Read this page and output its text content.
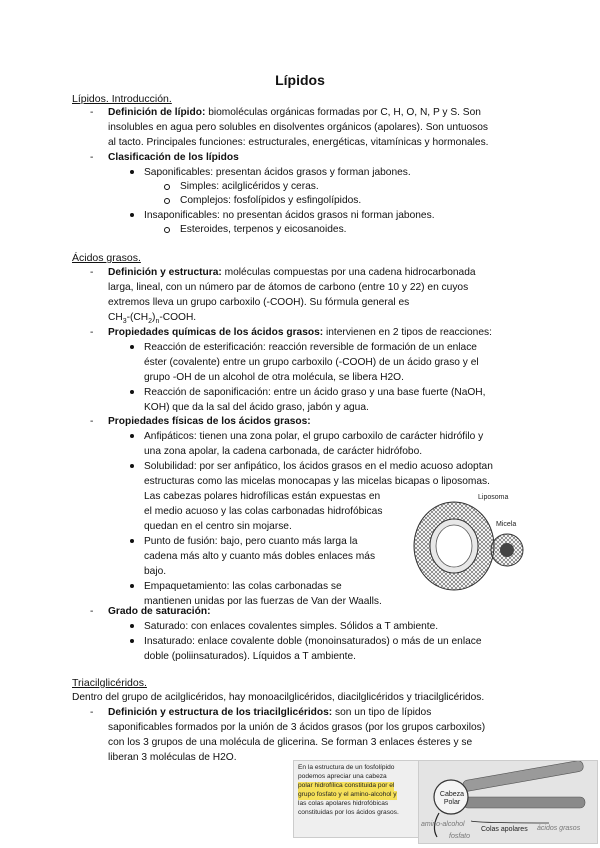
Lípidos
Lípidos. Introducción.
- Definición de lípido: biomoléculas orgánicas formadas por C, H, O, N, P y S. Son
insolubles en agua pero solubles en disolventes orgánicos (apolares). Son untuosos
al tacto. Principales funciones: estructurales, energéticas, vitamínicas y hormonales.
- Clasificación de los lípidos
Saponificables: presentan ácidos grasos y forman jabones.
Simples: acilglicéridos y ceras.
Complejos: fosfolípidos y esfingolípidos.
Insaponificables: no presentan ácidos grasos ni forman jabones.
Esteroides, terpenos y eicosanoides.
Ácidos grasos.
- Definición y estructura: moléculas compuestas por una cadena hidrocarbonada
larga, lineal, con un número par de átomos de carbono (entre 10 y 22) en cuyos
extremos lleva un grupo carboxilo (-COOH). Su fórmula general es
$CH_3-(CH_2)_n$-COOH.
- Propiedades químicas de los ácidos grasos: intervienen en 2 tipos de reacciones:
Reacción de esterificación: reacción reversible de formación de un enlace
éster (covalente) entre un grupo carboxilo (-COOH) de un ácido graso y el
grupo -OH de un alcohol de otra molécula, se libera H2O.
Reacción de saponificación: entre un ácido graso y una base fuerte (NaOH,
KOH) que da la sal del ácido graso, jabón y agua.
- Propiedades físicas de los ácidos grasos:
Anfipáticos: tienen una zona polar, el grupo carboxilo de carácter hidrófilo y
una zona apolar, la cadena carbonada, de carácter hidrófobo.
Solubilidad: por ser anfipático, los ácidos grasos en el medio acuoso adoptan
estructuras como las micelas monocapas y las micelas bicapas o liposomas.
Las cabezas polares hidrofílicas están expuestas en
el medio acuoso y las colas carbonadas hidrofóbicas
quedan en el centro sin mojarse.
Punto de fusión: bajo, pero cuanto más larga la
cadena más alto y cuanto más dobles enlaces más
bajo.
Empaquetamiento: las colas carbonadas se
mantienen unidas por las fuerzas de Van der Waalls.
Liposoma
Micela
- Grado de saturación:
Saturado: con enlaces covalentes simples. Sólidos a T ambiente.
Insaturado: enlace covalente doble (monoinsaturados) o más de un enlace
doble (poliinsaturados). Líquidos a T ambiente.
Triacilglicéridos.
Dentro del grupo de acilglicéridos, hay monoacilglicéridos, diacilglicéridos y triacilglicéridos.
- Definición y estructura de los triacilglicéridos: son un tipo de lípidos
saponificables formados por la unión de 3 ácidos grasos (por los grupos carboxilos)
con los 3 grupos de una molécula de glicerina. Se forman 3 enlaces ésteres y se
liberan 3 moléculas de H2O.
En la estructura de un fosfolípido
podemos apreciar una cabeza
polar hidrofílica constituida por el
grupo fosfato y el amino-alcohol y
las colas apolares hidrofóbicas
constituidas por los ácidos grasos.
Cabeza Polar
Colas apolares ácidos grasos
amino-alcohol
fosfato
